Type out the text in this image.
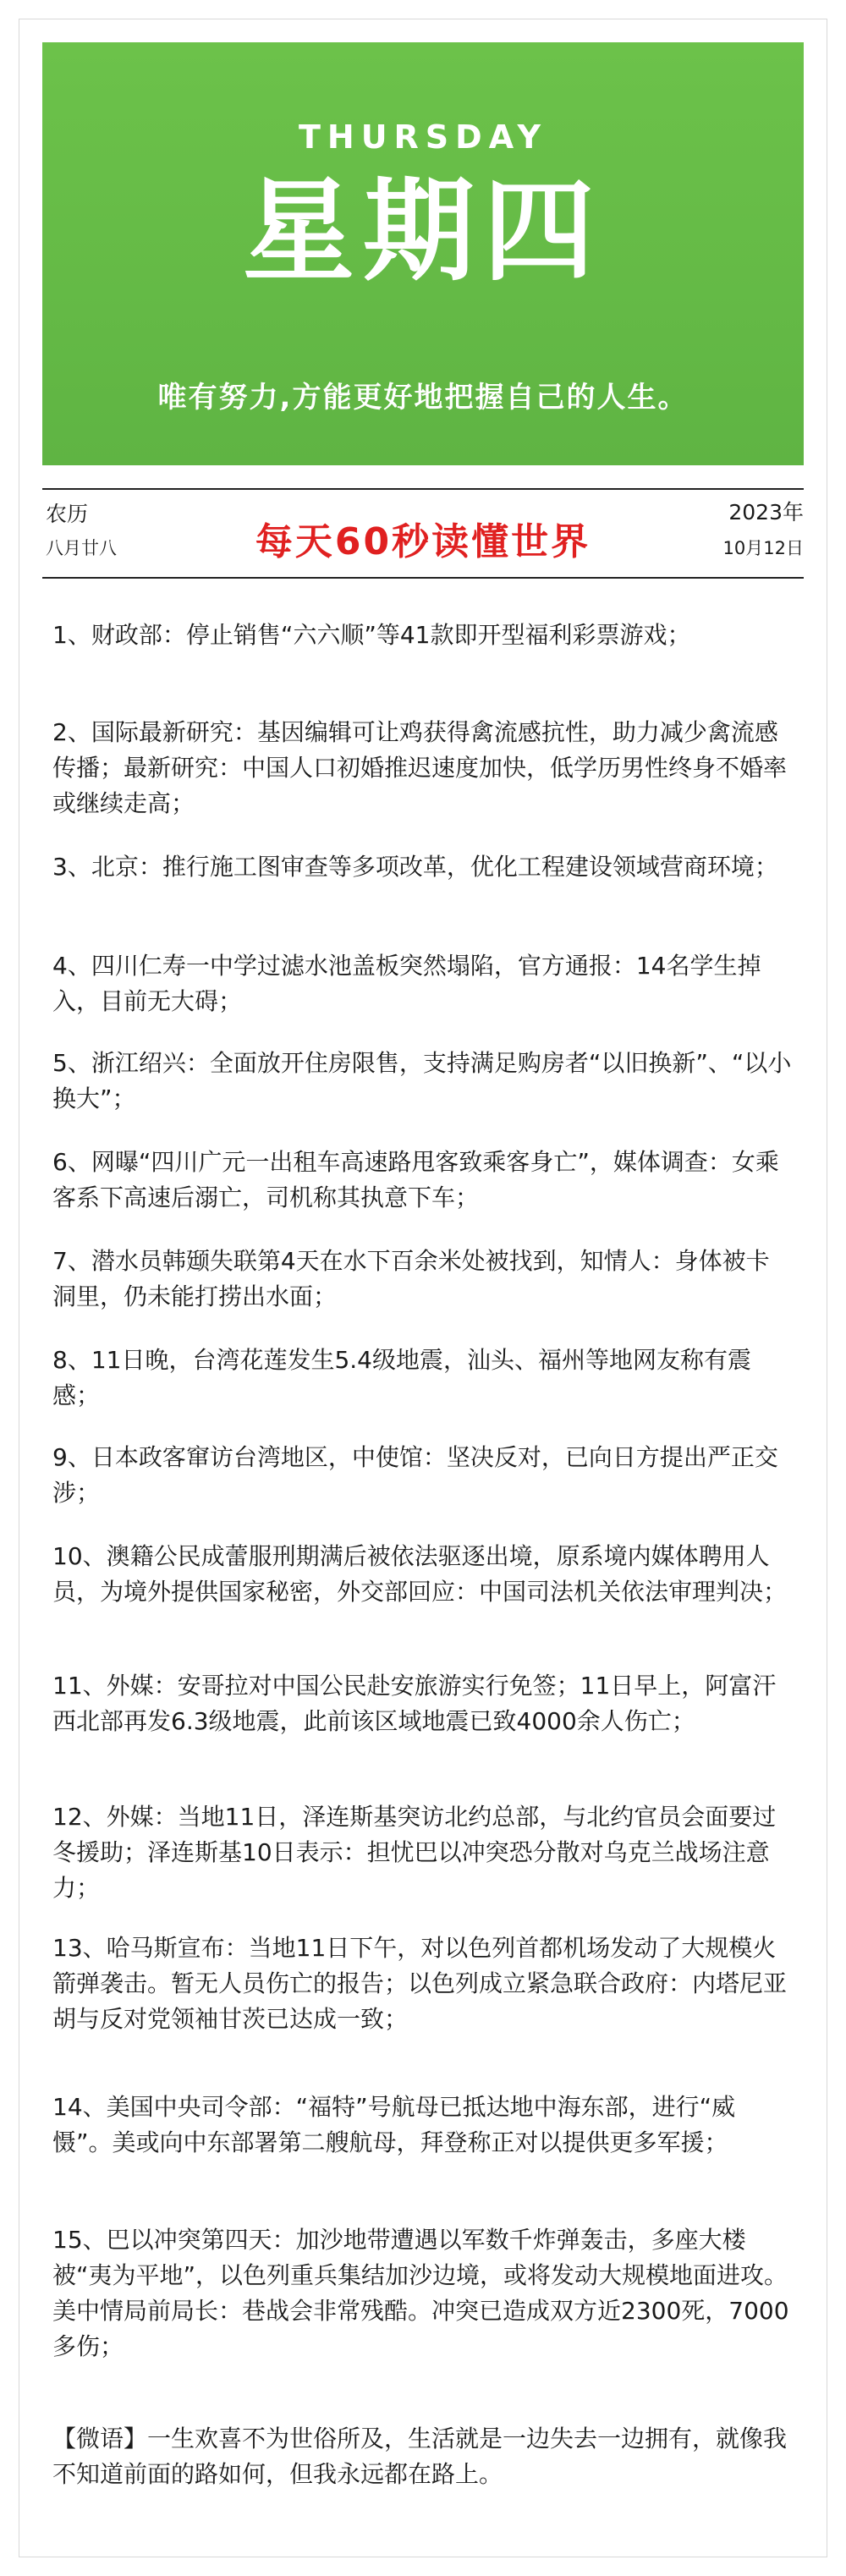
THURSDAY
星期四
唯有努力,方能更好地把握自己的人生。
农历
八月廿八	每天60秒读懂世界
2023年
10月12日
1、财政部：停止销售“六六顺”等41款即开型福利彩票游戏；
2、国际最新研究：基因编辑可让鸡获得禽流感抗性，助力减少禽流感传播；最新研究：中国人口初婚推迟速度加快，低学历男性终身不婚率或继续走高；
3、北京：推行施工图审查等多项改革，优化工程建设领域营商环境；
4、四川仁寿一中学过滤水池盖板突然塌陷，官方通报：14名学生掉入，目前无大碍；
5、浙江绍兴：全面放开住房限售，支持满足购房者“以旧换新”、“以小换大”；
6、网曝“四川广元一出租车高速路甩客致乘客身亡”，媒体调查：女乘客系下高速后溺亡，司机称其执意下车；
7、潜水员韩颋失联第4天在水下百余米处被找到，知情人：身体被卡洞里，仍未能打捞出水面；
8、11日晚，台湾花莲发生5.4级地震，汕头、福州等地网友称有震感；
9、日本政客窜访台湾地区，中使馆：坚决反对，已向日方提出严正交涉；
10、澳籍公民成蕾服刑期满后被依法驱逐出境，原系境内媒体聘用人员，为境外提供国家秘密，外交部回应：中国司法机关依法审理判决；
11、外媒：安哥拉对中国公民赴安旅游实行免签；11日早上，阿富汗西北部再发6.3级地震，此前该区域地震已致4000余人伤亡；
12、外媒：当地11日，泽连斯基突访北约总部，与北约官员会面要过冬援助；泽连斯基10日表示：担忧巴以冲突恐分散对乌克兰战场注意力；
13、哈马斯宣布：当地11日下午，对以色列首都机场发动了大规模火箭弹袭击。暂无人员伤亡的报告；以色列成立紧急联合政府：内塔尼亚胡与反对党领袖甘茨已达成一致；
14、美国中央司令部：“福特”号航母已抵达地中海东部，进行“威慑”。美或向中东部署第二艘航母，拜登称正对以提供更多军援；
15、巴以冲突第四天：加沙地带遭遇以军数千炸弹轰击，多座大楼被“夷为平地”，以色列重兵集结加沙边境，或将发动大规模地面进攻。美中情局前局长：巷战会非常残酷。冲突已造成双方近2300死，7000多伤；
【微语】一生欢喜不为世俗所及，生活就是一边失去一边拥有，就像我不知道前面的路如何，但我永远都在路上。
